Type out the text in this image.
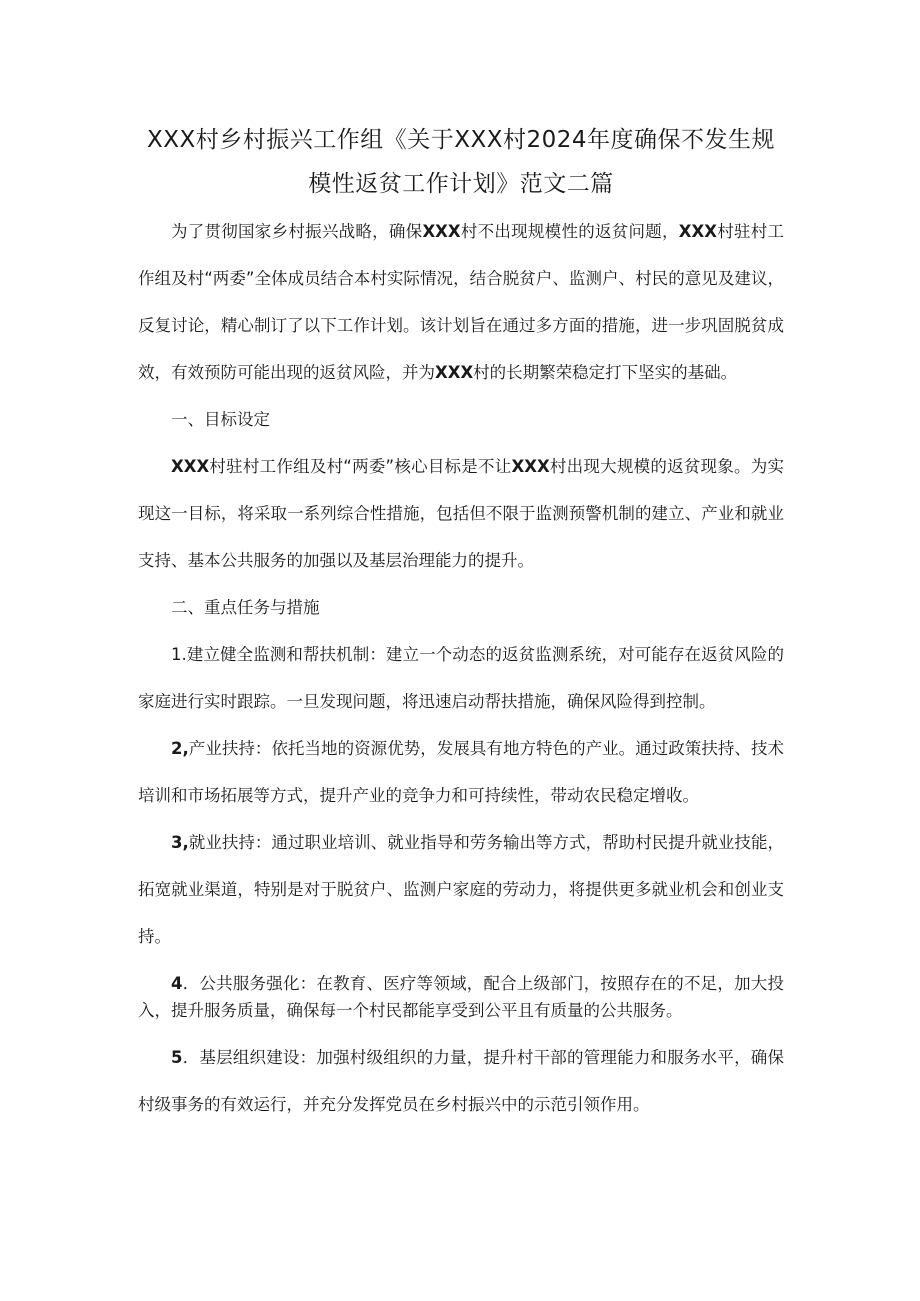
XXX村乡村振兴工作组《关于XXX村2024年度确保不发生规
模性返贫工作计划》范文二篇

为了贯彻国家乡村振兴战略，确保XXX村不出现规模性的返贫问题，XXX村驻村工作组及村“两委”全体成员结合本村实际情况，结合脱贫户、监测户、村民的意见及建议，反复讨论，精心制订了以下工作计划。该计划旨在通过多方面的措施，进一步巩固脱贫成效，有效预防可能出现的返贫风险，并为XXX村的长期繁荣稳定打下坚实的基础。

一、目标设定

XXX村驻村工作组及村“两委”核心目标是不让XXX村出现大规模的返贫现象。为实现这一目标，将采取一系列综合性措施，包括但不限于监测预警机制的建立、产业和就业支持、基本公共服务的加强以及基层治理能力的提升。

二、重点任务与措施

1.建立健全监测和帮扶机制：建立一个动态的返贫监测系统，对可能存在返贫风险的家庭进行实时跟踪。一旦发现问题，将迅速启动帮扶措施，确保风险得到控制。

2,产业扶持：依托当地的资源优势，发展具有地方特色的产业。通过政策扶持、技术培训和市场拓展等方式，提升产业的竞争力和可持续性，带动农民稳定增收。

3,就业扶持：通过职业培训、就业指导和劳务输出等方式，帮助村民提升就业技能，拓宽就业渠道，特别是对于脱贫户、监测户家庭的劳动力，将提供更多就业机会和创业支持。

4．公共服务强化：在教育、医疗等领域，配合上级部门，按照存在的不足，加大投入，提升服务质量，确保每一个村民都能享受到公平且有质量的公共服务。

5．基层组织建设：加强村级组织的力量，提升村干部的管理能力和服务水平，确保村级事务的有效运行，并充分发挥党员在乡村振兴中的示范引领作用。
